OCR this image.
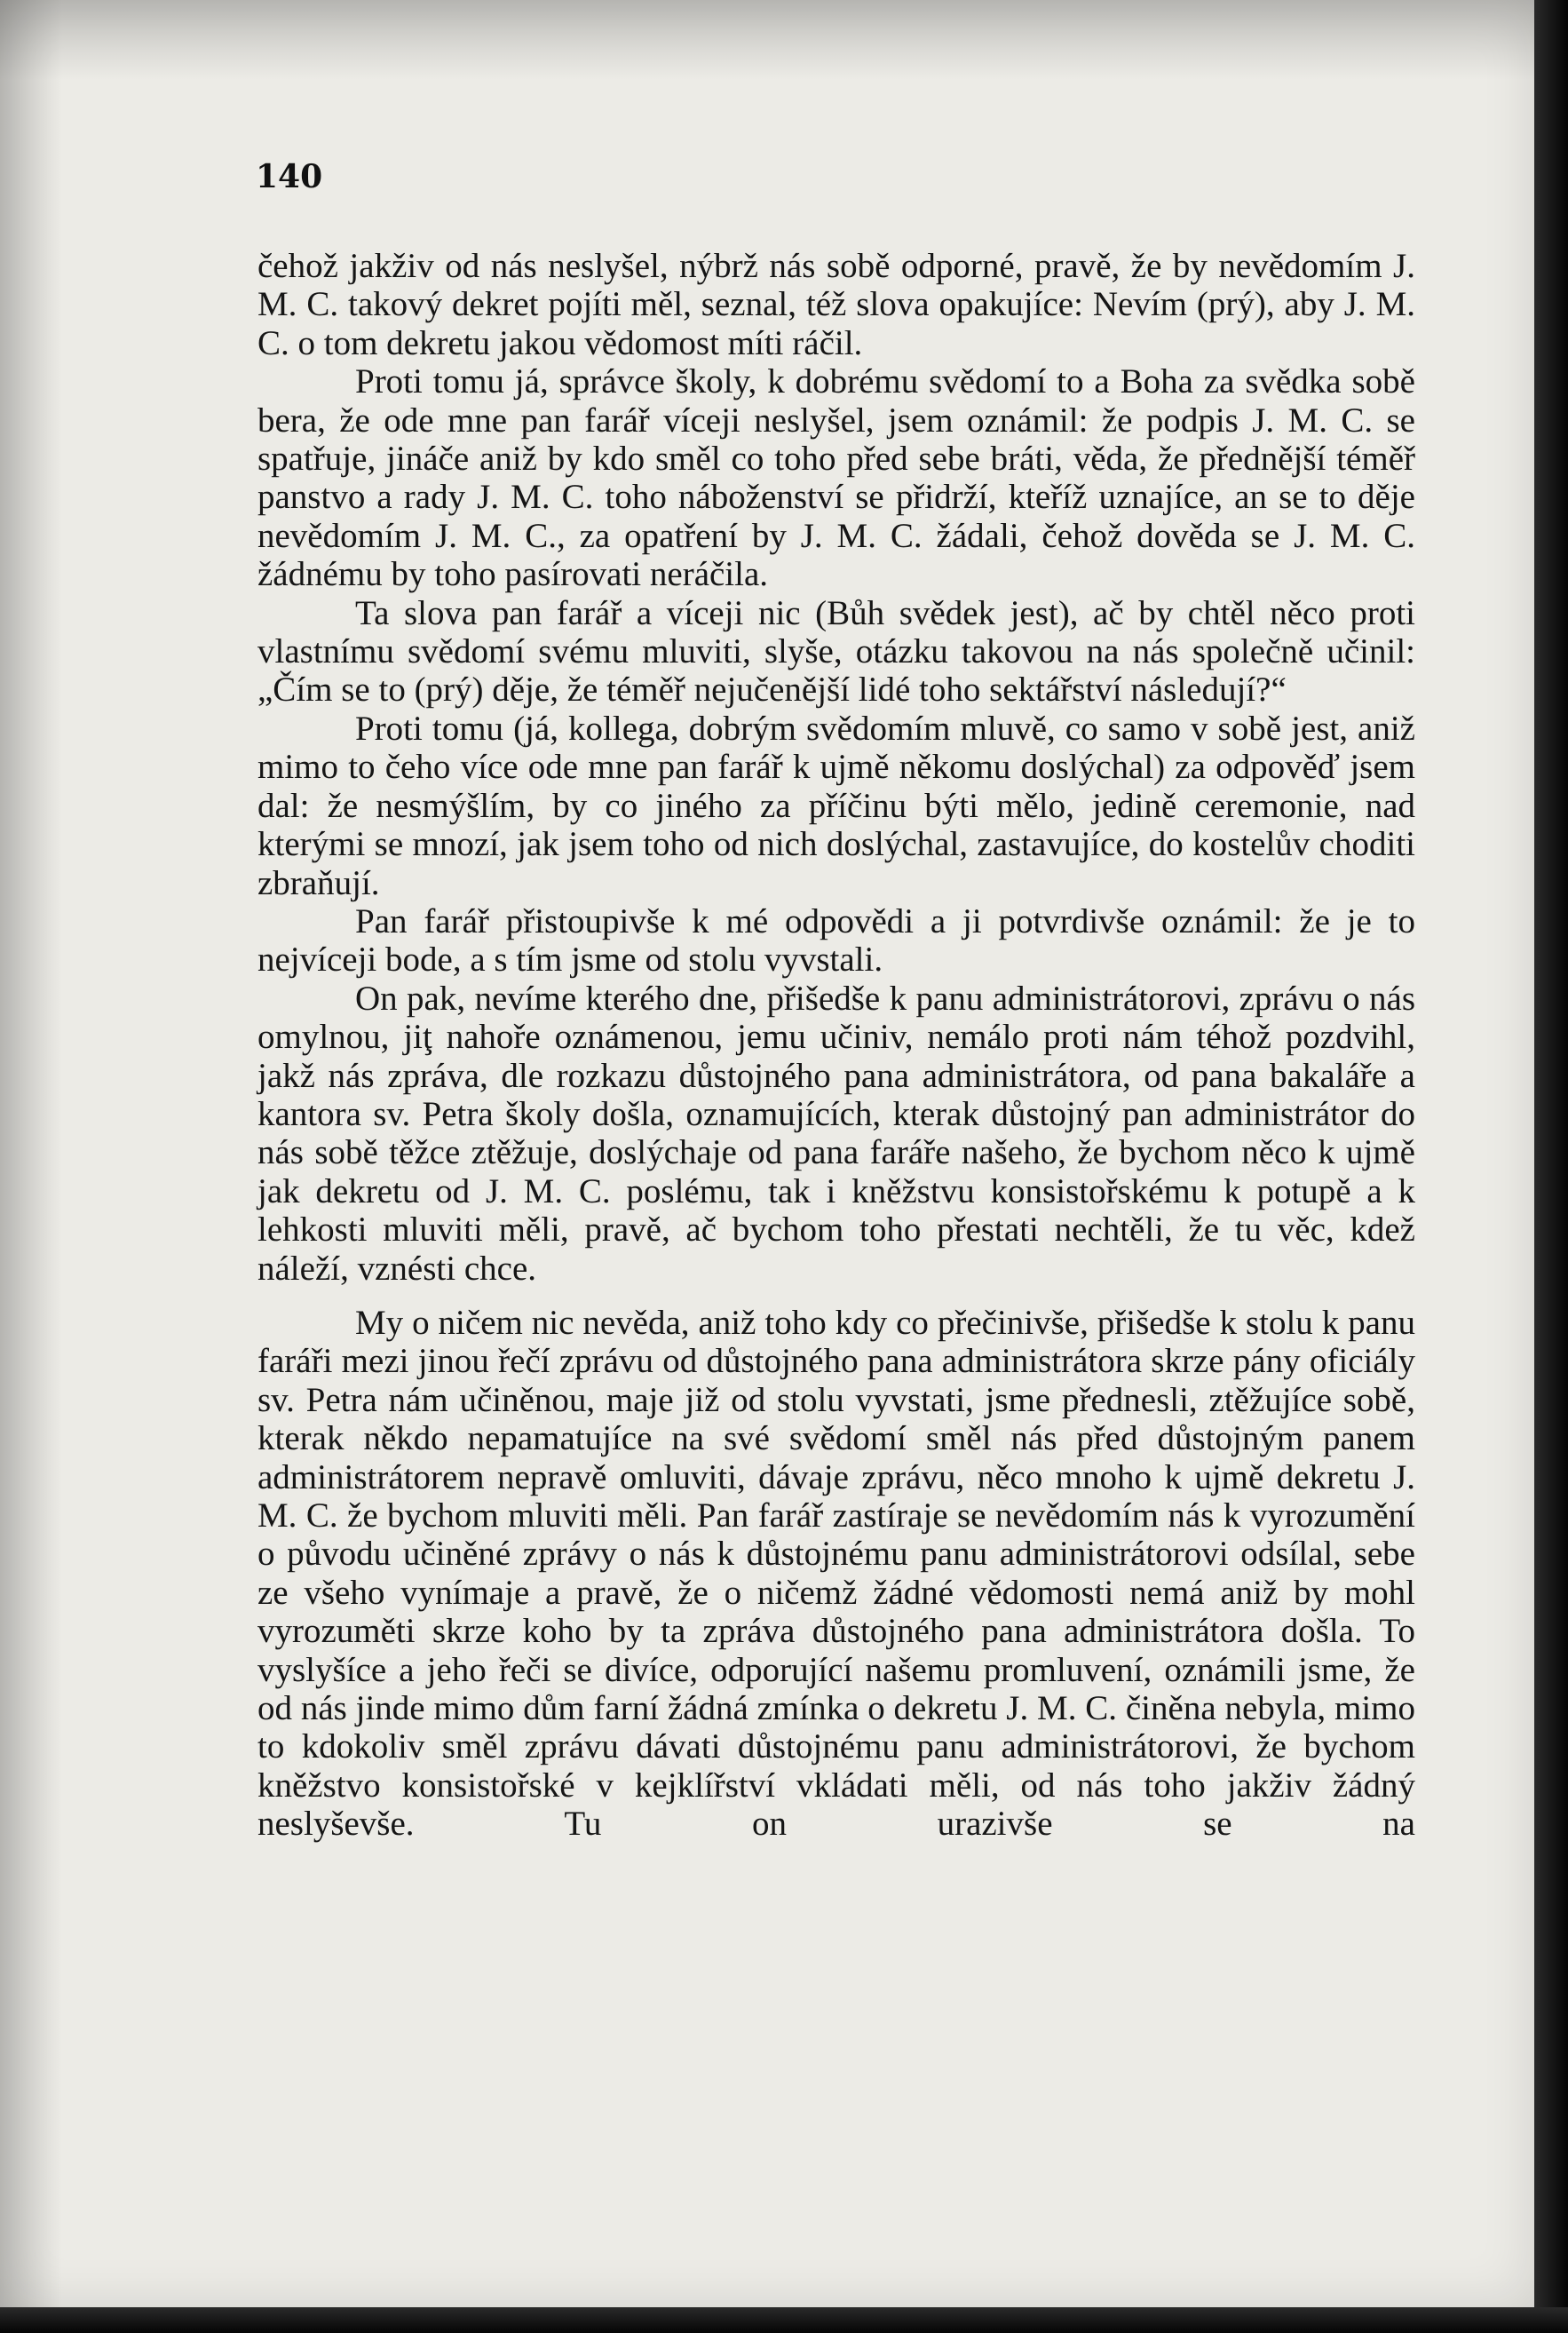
140

čehož jakživ od nás neslyšel, nýbrž nás sobě odporné, pravě, že by nevědomím J. M. C. takový dekret pojíti měl, seznal, též slova opakujíce: Nevím (prý), aby J. M. C. o tom dekretu jakou vědomost míti ráčil.

Proti tomu já, správce školy, k dobrému svědomí to a Boha za svědka sobě bera, že ode mne pan farář víceji neslyšel, jsem oznámil: že podpis J. M. C. se spatřuje, jináče aniž by kdo směl co toho před sebe bráti, věda, že přednější téměř panstvo a rady J. M. C. toho náboženství se přidrží, kteříž uznajíce, an se to děje nevědomím J. M. C., za opatření by J. M. C. žádali, čehož dověda se J. M. C. žádnému by toho pasírovati neráčila.

Ta slova pan farář a víceji nic (Bůh svědek jest), ač by chtěl něco proti vlastnímu svědomí svému mluviti, slyše, otázku takovou na nás společně učinil: „Čím se to (prý) děje, že téměř nejučenější lidé toho sektářství následují?“

Proti tomu (já, kollega, dobrým svědomím mluvě, co samo v sobě jest, aniž mimo to čeho více ode mne pan farář k ujmě někomu doslýchal) za odpověď jsem dal: že nesmýšlím, by co jiného za příčinu býti mělo, jedině ceremonie, nad kterými se mnozí, jak jsem toho od nich doslýchal, zastavujíce, do kostelův choditi zbraňují.

Pan farář přistoupivše k mé odpovědi a ji potvrdivše oznámil: že je to nejvíceji bode, a s tím jsme od stolu vyvstali.

On pak, nevíme kterého dne, přišedše k panu administrátorovi, zprávu o nás omylnou, jiţ nahoře oznámenou, jemu učiniv, nemálo proti nám téhož pozdvihl, jakž nás zpráva, dle rozkazu důstojného pana administrátora, od pana bakaláře a kantora sv. Petra školy došla, oznamujících, kterak důstojný pan administrátor do nás sobě těžce ztěžuje, doslýchaje od pana faráře našeho, že bychom něco k ujmě jak dekretu od J. M. C. poslému, tak i kněžstvu konsistořskému k potupě a k lehkosti mluviti měli, pravě, ač bychom toho přestati nechtěli, že tu věc, kdež náleží, vznésti chce.

My o ničem nic nevěda, aniž toho kdy co přečinivše, přišedše k stolu k panu faráři mezi jinou řečí zprávu od důstojného pana administrátora skrze pány oficiály sv. Petra nám učiněnou, maje již od stolu vyvstati, jsme přednesli, ztěžujíce sobě, kterak někdo nepamatujíce na své svědomí směl nás před důstojným panem administrátorem nepravě omluviti, dávaje zprávu, něco mnoho k ujmě dekretu J. M. C. že bychom mluviti měli. Pan farář zastíraje se nevědomím nás k vyrozumění o původu učiněné zprávy o nás k důstojnému panu administrátorovi odsílal, sebe ze všeho vynímaje a pravě, že o ničemž žádné vědomosti nemá aniž by mohl vyrozuměti skrze koho by ta zpráva důstojného pana administrátora došla. To vyslyšíce a jeho řeči se divíce, odporující našemu promluvení, oznámili jsme, že od nás jinde mimo dům farní žádná zmínka o dekretu J. M. C. činěna nebyla, mimo to kdokoliv směl zprávu dávati důstojnému panu administrátorovi, že bychom kněžstvo konsistořské v kejklířství vkládati měli, od nás toho jakživ žádný neslyševše. Tu on urazivše se na
